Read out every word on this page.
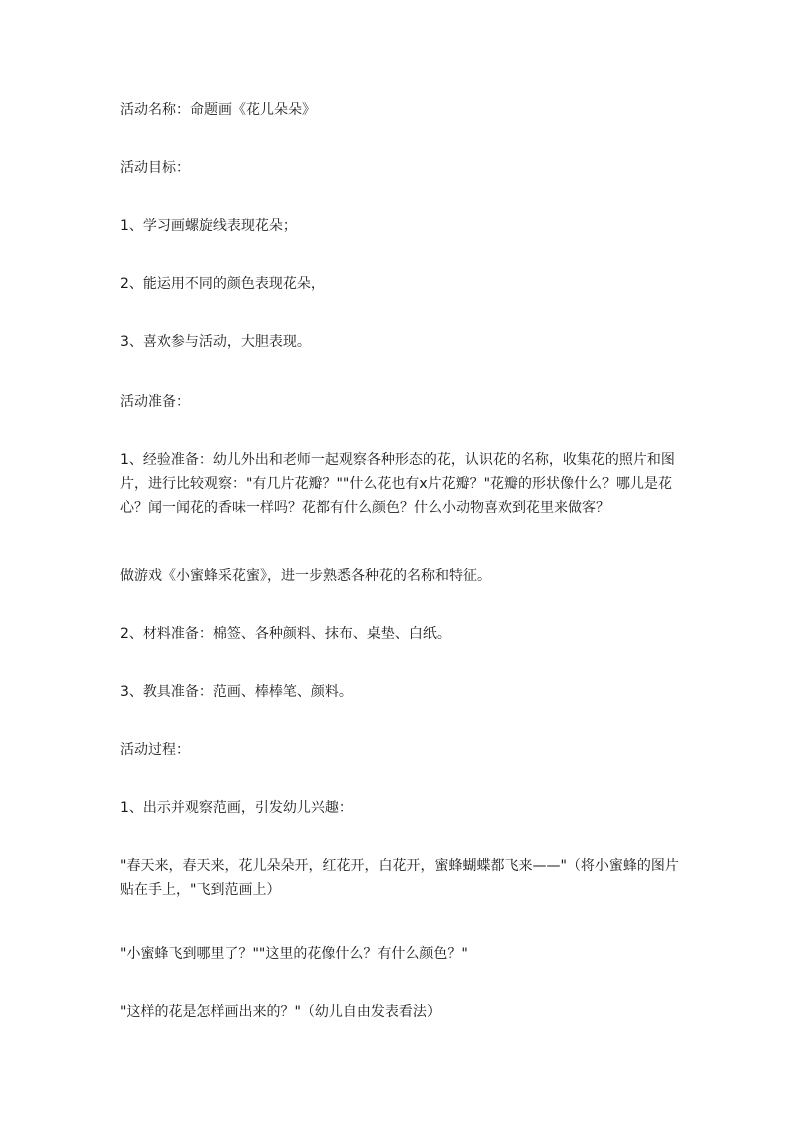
活动名称：命题画《花儿朵朵》

活动目标：

1、学习画螺旋线表现花朵；

2、能运用不同的颜色表现花朵，

3、喜欢参与活动，大胆表现。

活动准备：

1、经验准备：幼儿外出和老师一起观察各种形态的花，认识花的名称，收集花的照片和图片，进行比较观察："有几片花瓣？""什么花也有x片花瓣？"花瓣的形状像什么？哪儿是花心？闻一闻花的香味一样吗？花都有什么颜色？什么小动物喜欢到花里来做客？

做游戏《小蜜蜂采花蜜》，进一步熟悉各种花的名称和特征。

2、材料准备：棉签、各种颜料、抹布、桌垫、白纸。

3、教具准备：范画、棒棒笔、颜料。

活动过程：

1、出示并观察范画，引发幼儿兴趣：

"春天来，春天来，花儿朵朵开，红花开，白花开，蜜蜂蝴蝶都飞来——"（将小蜜蜂的图片贴在手上，"飞到范画上）

"小蜜蜂飞到哪里了？""这里的花像什么？有什么颜色？"

"这样的花是怎样画出来的？"（幼儿自由发表看法）
